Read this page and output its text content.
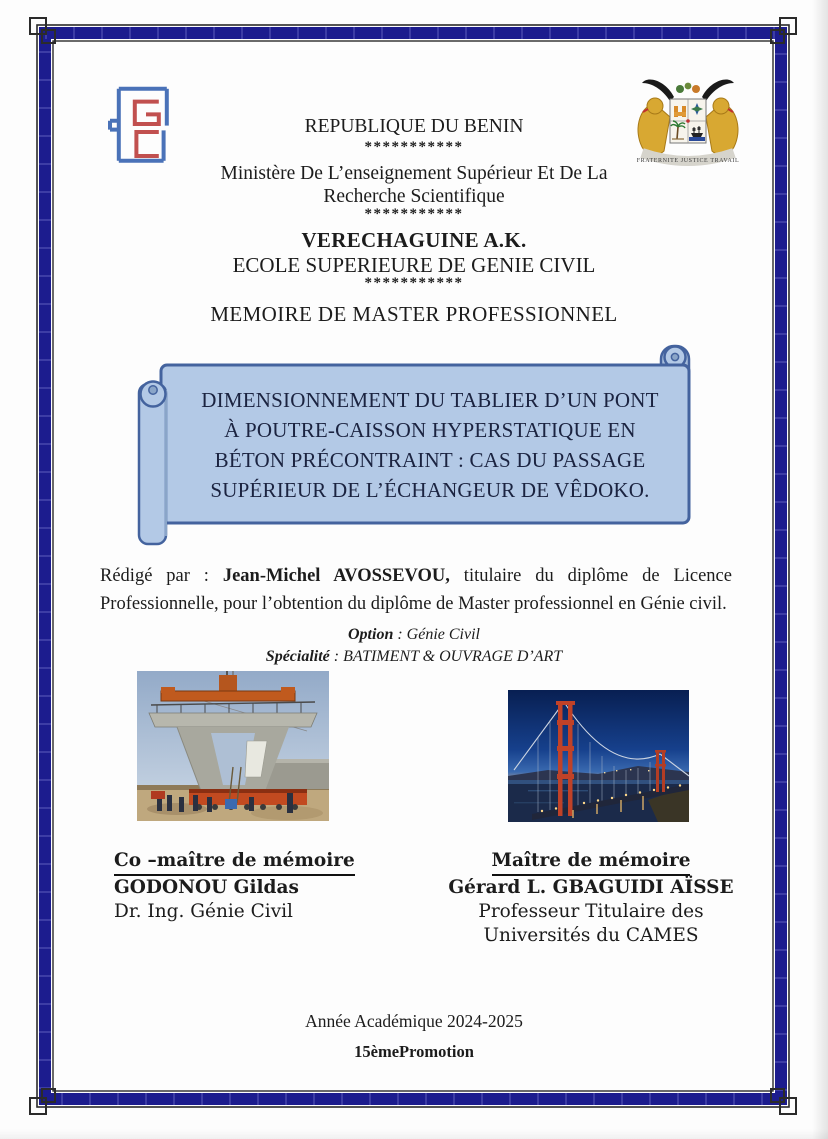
FRATERNITE JUSTICE TRAVAIL
REPUBLIQUE DU BENIN
***********
Ministère De L’enseignement Supérieur Et De La
Recherche Scientifique
***********
VERECHAGUINE A.K.
ECOLE SUPERIEURE DE GENIE CIVIL
***********
MEMOIRE DE MASTER PROFESSIONNEL
DIMENSIONNEMENT DU TABLIER D’UN PONT
À POUTRE-CAISSON HYPERSTATIQUE EN
BÉTON PRÉCONTRAINT : CAS DU PASSAGE
SUPÉRIEUR DE L’ÉCHANGEUR DE VÊDOKO.

Rédigé par : Jean-Michel AVOSSEVOU, titulaire du diplôme de Licence Professionnelle, pour l’obtention du diplôme de Master professionnel en Génie civil.

Option : Génie Civil
Spécialité : BATIMENT & OUVRAGE D’ART
Co –maître de mémoire
GODONOU Gildas
Dr. Ing. Génie Civil
Maître de mémoire
Gérard L. GBAGUIDI AÏSSE
Professeur Titulaire des
Universités du CAMES
Année Académique 2024-2025
15èmePromotion
